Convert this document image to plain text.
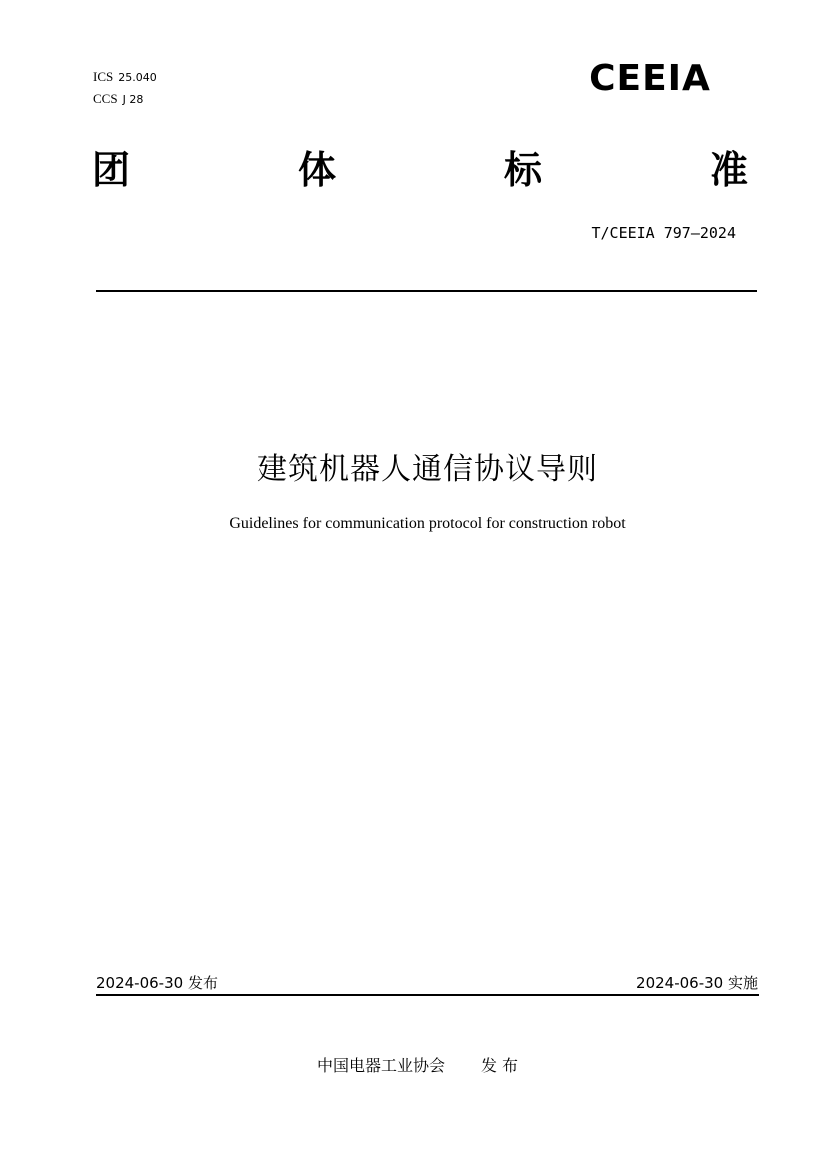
ICS 25.040
CCS J 28
CEEIA
团	体	标	准
T/CEEIA 797—2024
建筑机器人通信协议导则
Guidelines for communication protocol for construction robot
2024-06-30 发布	2024-06-30 实施
中国电器工业协会 发 布
